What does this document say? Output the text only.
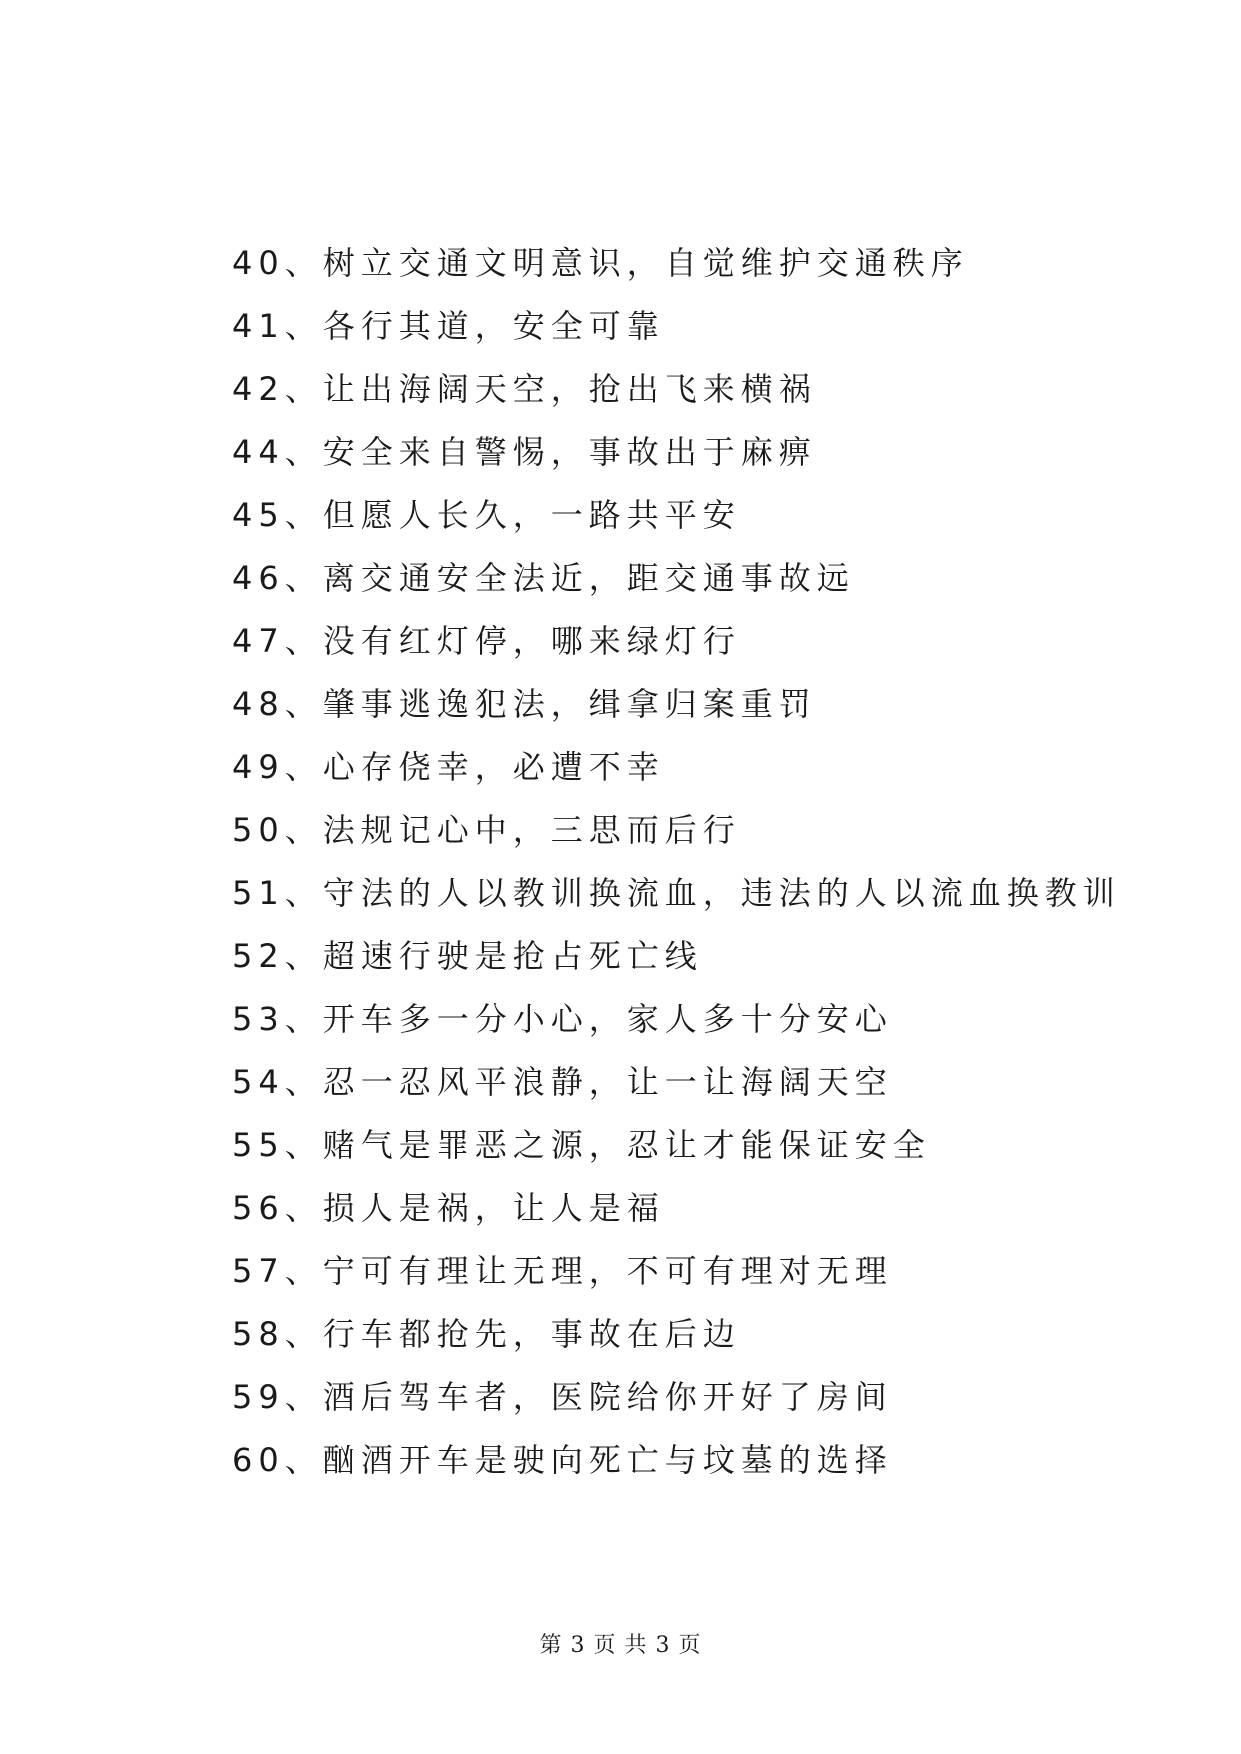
40、树立交通文明意识，自觉维护交通秩序
41、各行其道，安全可靠
42、让出海阔天空，抢出飞来横祸
44、安全来自警惕，事故出于麻痹
45、但愿人长久，一路共平安
46、离交通安全法近，距交通事故远
47、没有红灯停，哪来绿灯行
48、肇事逃逸犯法，缉拿归案重罚
49、心存侥幸，必遭不幸
50、法规记心中，三思而后行
51、守法的人以教训换流血，违法的人以流血换教训
52、超速行驶是抢占死亡线
53、开车多一分小心，家人多十分安心
54、忍一忍风平浪静，让一让海阔天空
55、赌气是罪恶之源，忍让才能保证安全
56、损人是祸，让人是福
57、宁可有理让无理，不可有理对无理
58、行车都抢先，事故在后边
59、酒后驾车者，医院给你开好了房间
60、酗酒开车是驶向死亡与坟墓的选择
第 3 页 共 3 页
